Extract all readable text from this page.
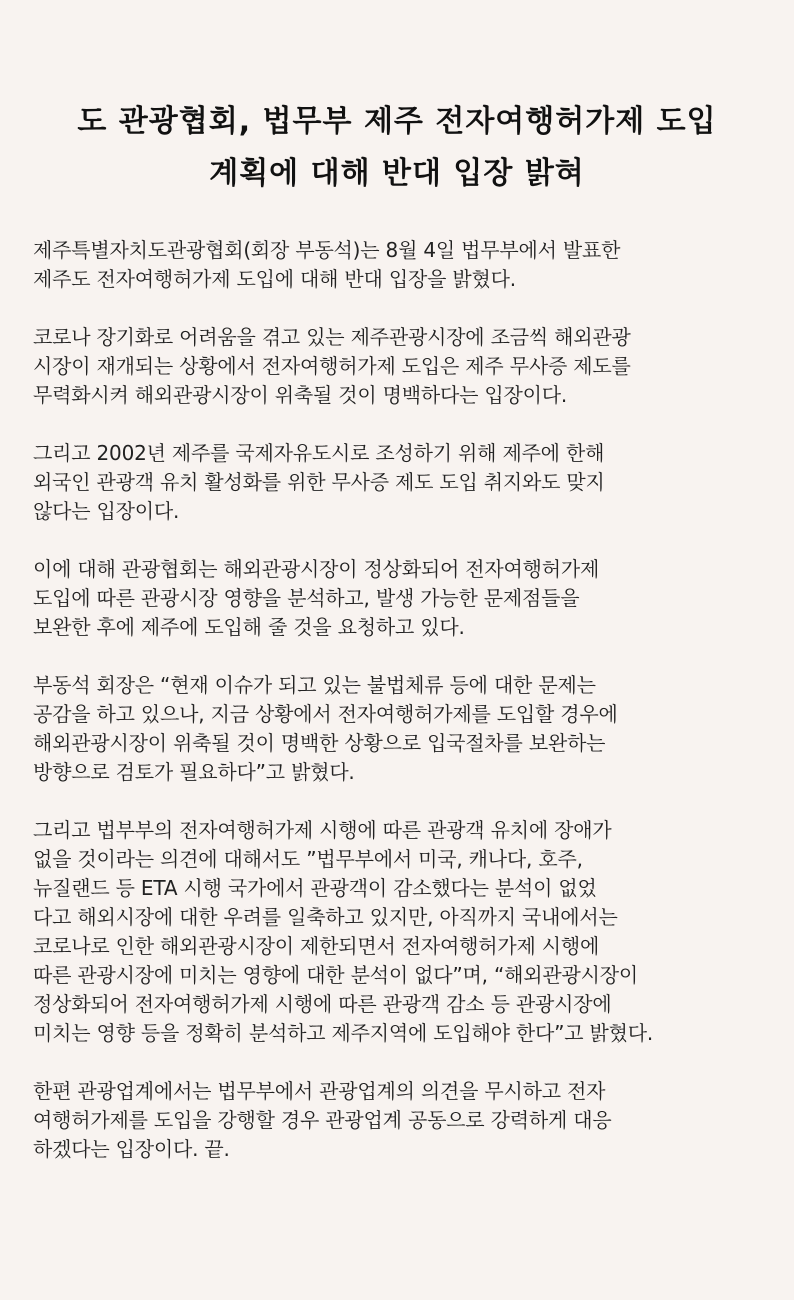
도 관광협회, 법무부 제주 전자여행허가제 도입
계획에 대해 반대 입장 밝혀

제주특별자치도관광협회(회장 부동석)는 8월 4일 법무부에서 발표한
제주도 전자여행허가제 도입에 대해 반대 입장을 밝혔다.

코로나 장기화로 어려움을 겪고 있는 제주관광시장에 조금씩 해외관광
시장이 재개되는 상황에서 전자여행허가제 도입은 제주 무사증 제도를
무력화시켜 해외관광시장이 위축될 것이 명백하다는 입장이다.

그리고 2002년 제주를 국제자유도시로 조성하기 위해 제주에 한해
외국인 관광객 유치 활성화를 위한 무사증 제도 도입 취지와도 맞지
않다는 입장이다.

이에 대해 관광협회는 해외관광시장이 정상화되어 전자여행허가제
도입에 따른 관광시장 영향을 분석하고, 발생 가능한 문제점들을
보완한 후에 제주에 도입해 줄 것을 요청하고 있다.

부동석 회장은 “현재 이슈가 되고 있는 불법체류 등에 대한 문제는
공감을 하고 있으나, 지금 상황에서 전자여행허가제를 도입할 경우에
해외관광시장이 위축될 것이 명백한 상황으로 입국절차를 보완하는
방향으로 검토가 필요하다”고 밝혔다.

그리고 법부부의 전자여행허가제 시행에 따른 관광객 유치에 장애가
없을 것이라는 의견에 대해서도 ”법무부에서 미국, 캐나다, 호주,
뉴질랜드 등 ETA 시행 국가에서 관광객이 감소했다는 분석이 없었
다고 해외시장에 대한 우려를 일축하고 있지만, 아직까지 국내에서는
코로나로 인한 해외관광시장이 제한되면서 전자여행허가제 시행에
따른 관광시장에 미치는 영향에 대한 분석이 없다”며, “해외관광시장이
정상화되어 전자여행허가제 시행에 따른 관광객 감소 등 관광시장에
미치는 영향 등을 정확히 분석하고 제주지역에 도입해야 한다”고 밝혔다.

한편 관광업계에서는 법무부에서 관광업계의 의견을 무시하고 전자
여행허가제를 도입을 강행할 경우 관광업계 공동으로 강력하게 대응
하겠다는 입장이다. 끝.
